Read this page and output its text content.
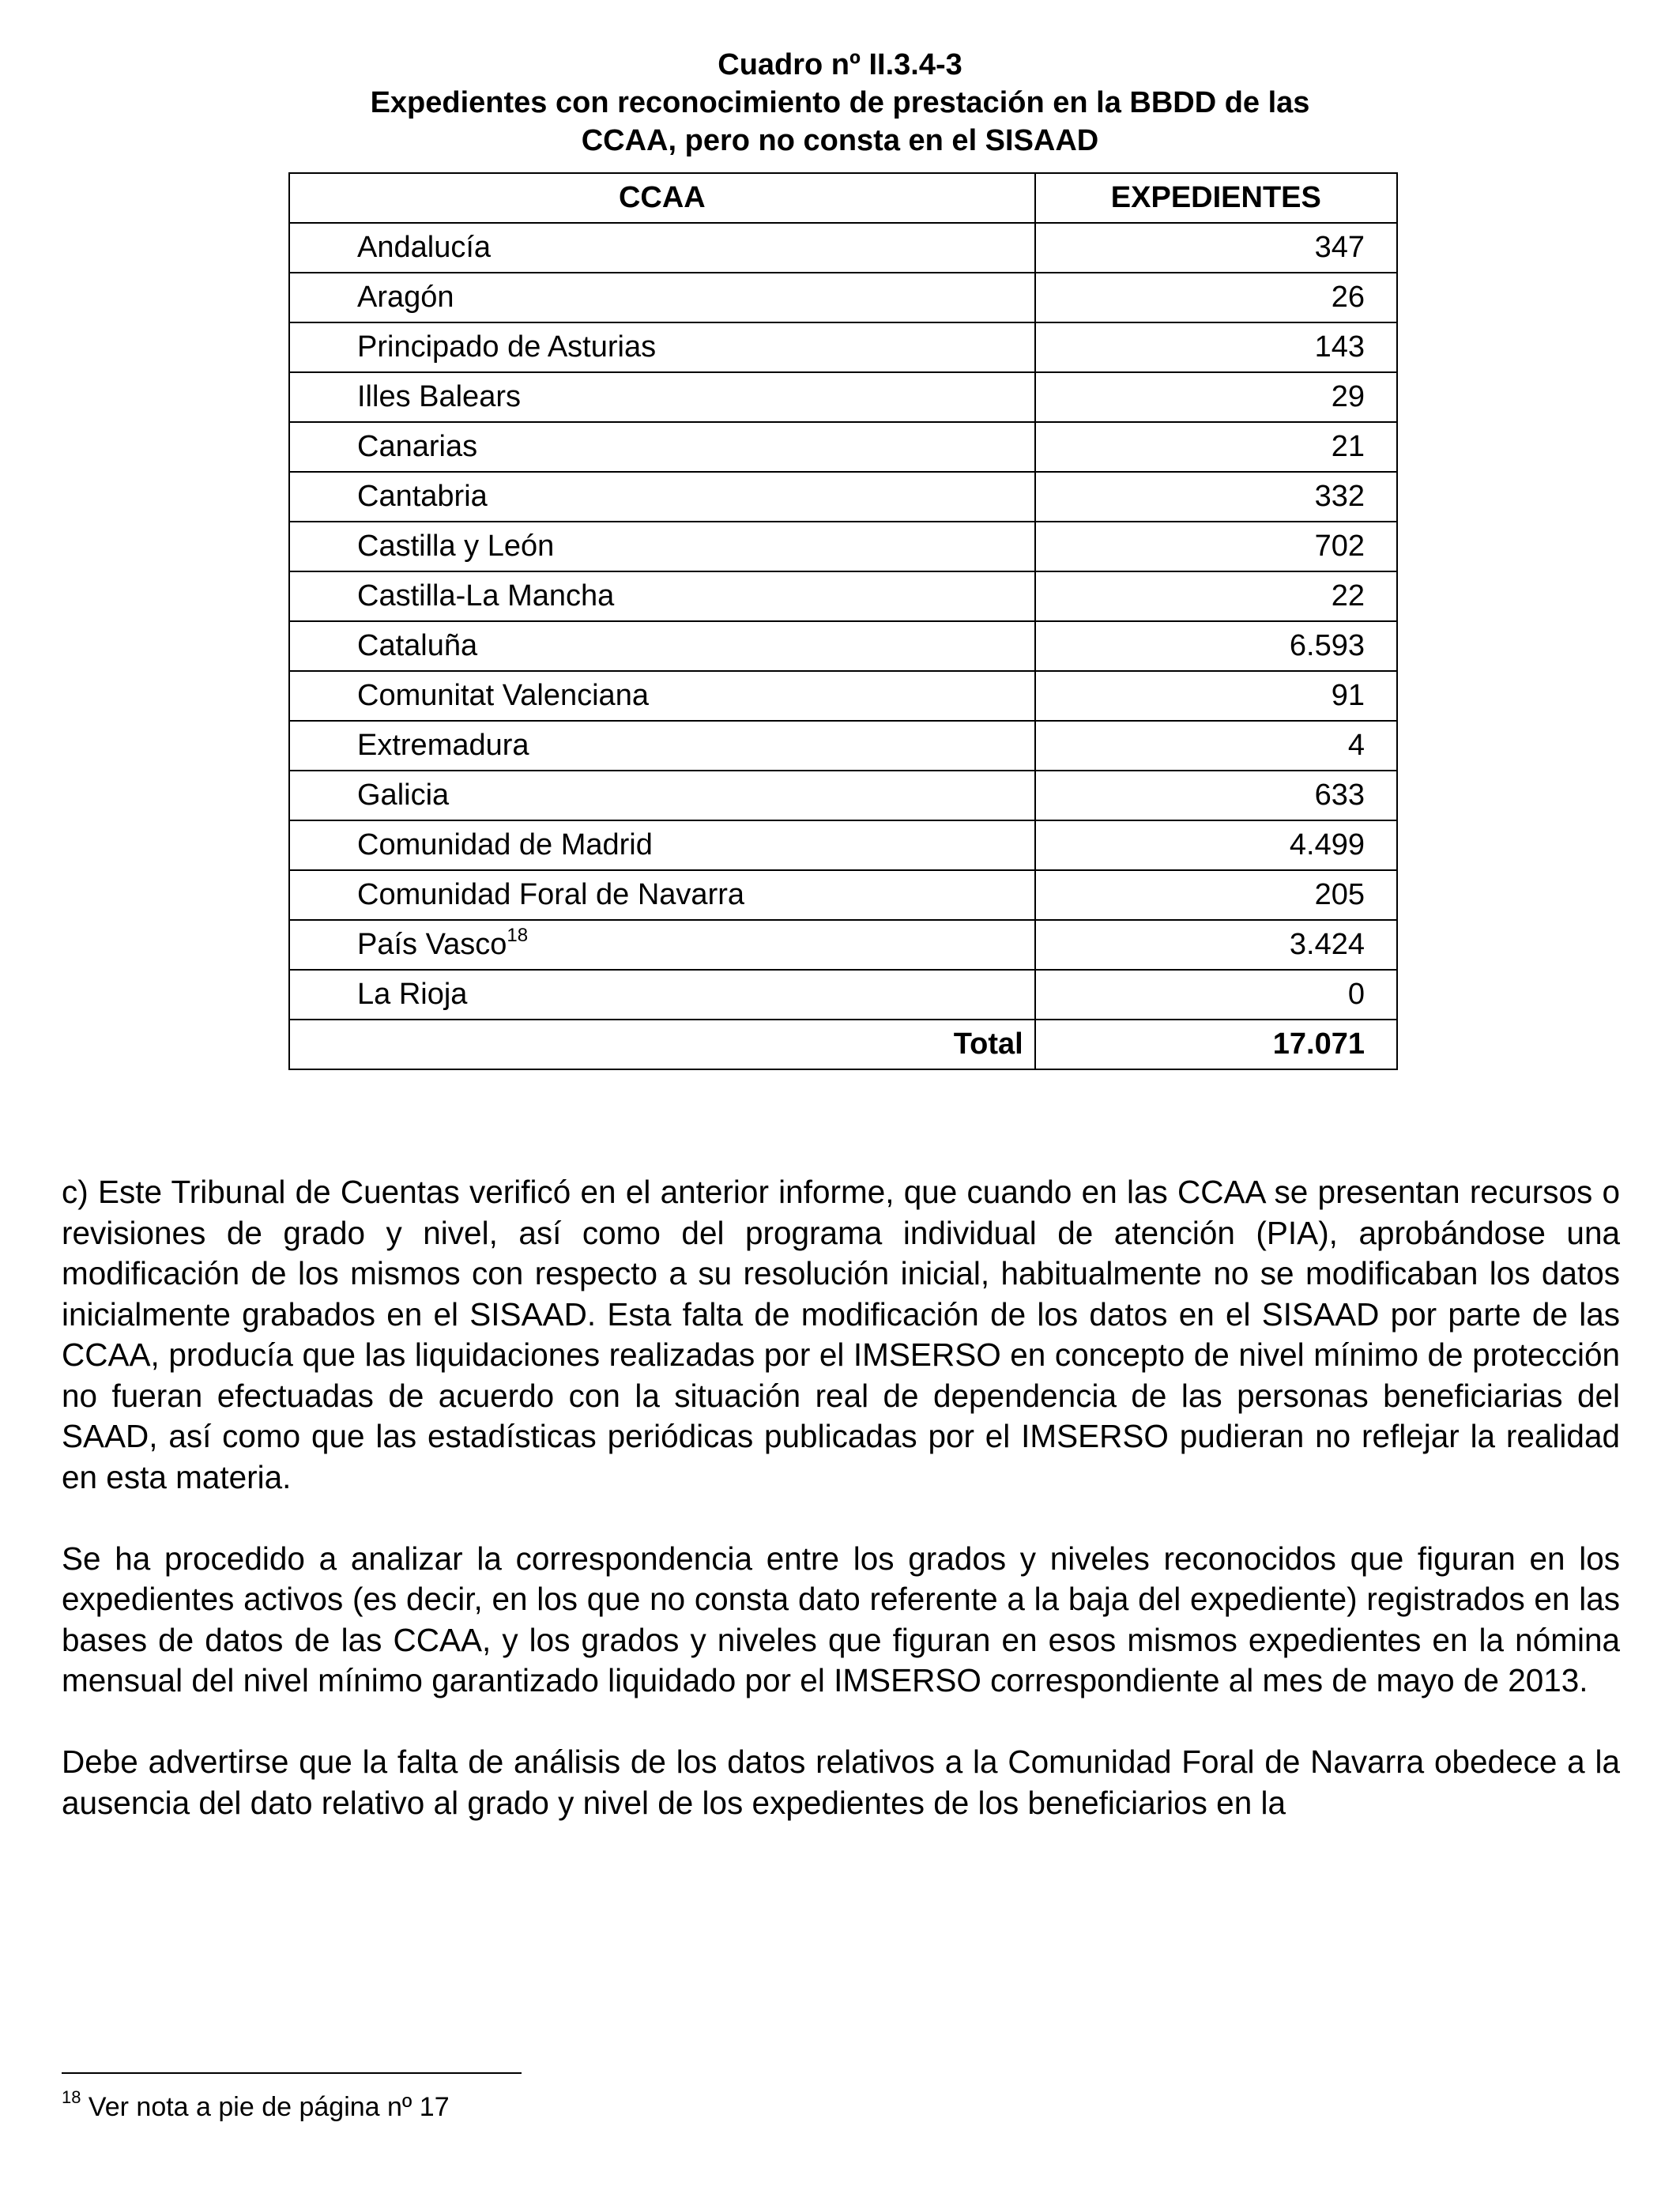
Cuadro nº II.3.4-3
Expedientes con reconocimiento de prestación en la BBDD de las
CCAA, pero no consta en el SISAAD
CCAA	EXPEDIENTES
Andalucía	347
Aragón	26
Principado de Asturias	143
Illes Balears	29
Canarias	21
Cantabria	332
Castilla y León	702
Castilla-La Mancha	22
Cataluña	6.593
Comunitat Valenciana	91
Extremadura	4
Galicia	633
Comunidad de Madrid	4.499
Comunidad Foral de Navarra	205
País Vasco$^{18}$	3.424
La Rioja	0
Total	17.071

c) Este Tribunal de Cuentas verificó en el anterior informe, que cuando en las CCAA se presentan recursos o revisiones de grado y nivel, así como del programa individual de atención (PIA), aprobándose una modificación de los mismos con respecto a su resolución inicial, habitualmente no se modificaban los datos inicialmente grabados en el SISAAD. Esta falta de modificación de los datos en el SISAAD por parte de las CCAA, producía que las liquidaciones realizadas por el IMSERSO en concepto de nivel mínimo de protección no fueran efectuadas de acuerdo con la situación real de dependencia de las personas beneficiarias del SAAD, así como que las estadísticas periódicas publicadas por el IMSERSO pudieran no reflejar la realidad en esta materia.

Se ha procedido a analizar la correspondencia entre los grados y niveles reconocidos que figuran en los expedientes activos (es decir, en los que no consta dato referente a la baja del expediente) registrados en las bases de datos de las CCAA, y los grados y niveles que figuran en esos mismos expedientes en la nómina mensual del nivel mínimo garantizado liquidado por el IMSERSO correspondiente al mes de mayo de 2013.

Debe advertirse que la falta de análisis de los datos relativos a la Comunidad Foral de Navarra obedece a la ausencia del dato relativo al grado y nivel de los expedientes de los beneficiarios en la

$^{18}$ Ver nota a pie de página nº 17
